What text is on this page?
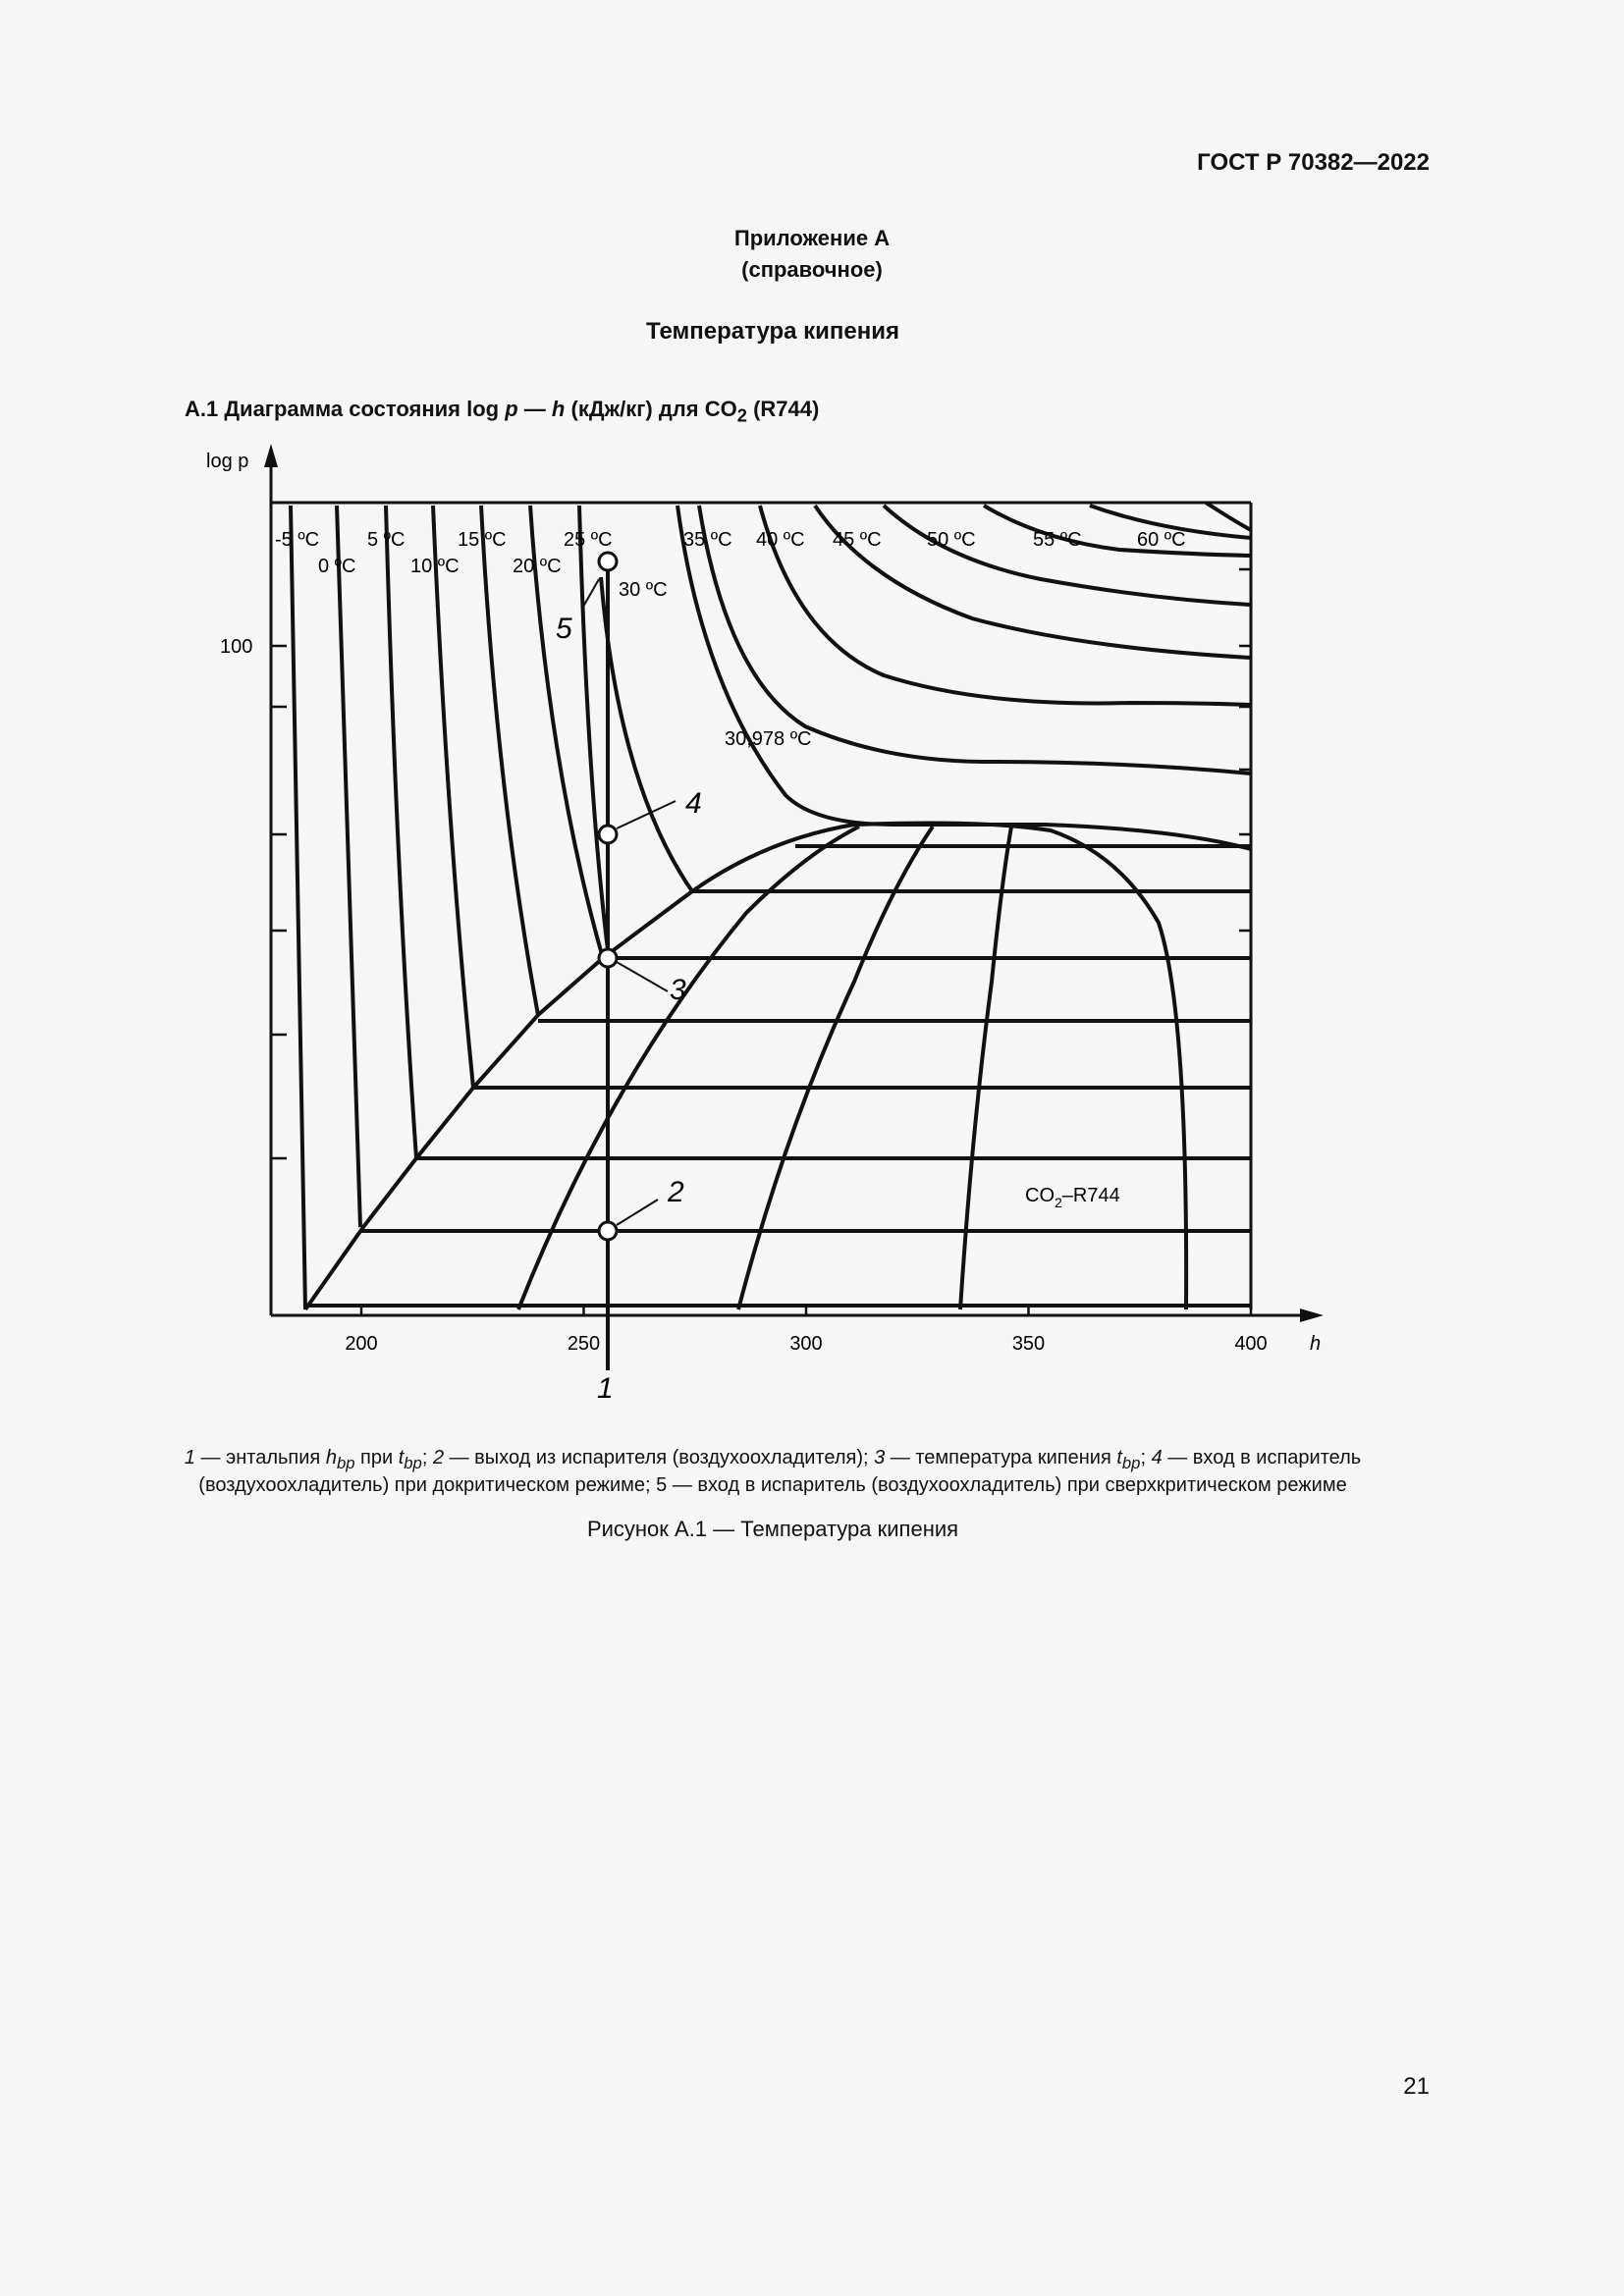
ГОСТ Р 70382—2022
Приложение А
(справочное)
Температура кипения
А.1 Диаграмма состояния log p — h (кДж/кг) для $CO_2$ (R744)
log p
h
100
200	250	300	350	400
5
4
3
2
1
-5 ºC
0 ºC
5 ºC
10 ºC
15 ºC
20 ºC
25 ºC
30 ºC
35 ºC 40 ºC 45 ºC 50 ºC	55 ºC	60 ºC
30,978 ºC
$CO_2-R744$
1 — энтальпия $h_{bp}$ при $t_{bp}$; 2 — выход из испарителя (воздухоохладителя); 3 — температура кипения $t_{bp}$; 4 — вход в испаритель
(воздухоохладитель) при докритическом режиме; 5 — вход в испаритель (воздухоохладитель) при сверхкритическом режиме
Рисунок А.1 — Температура кипения
21
